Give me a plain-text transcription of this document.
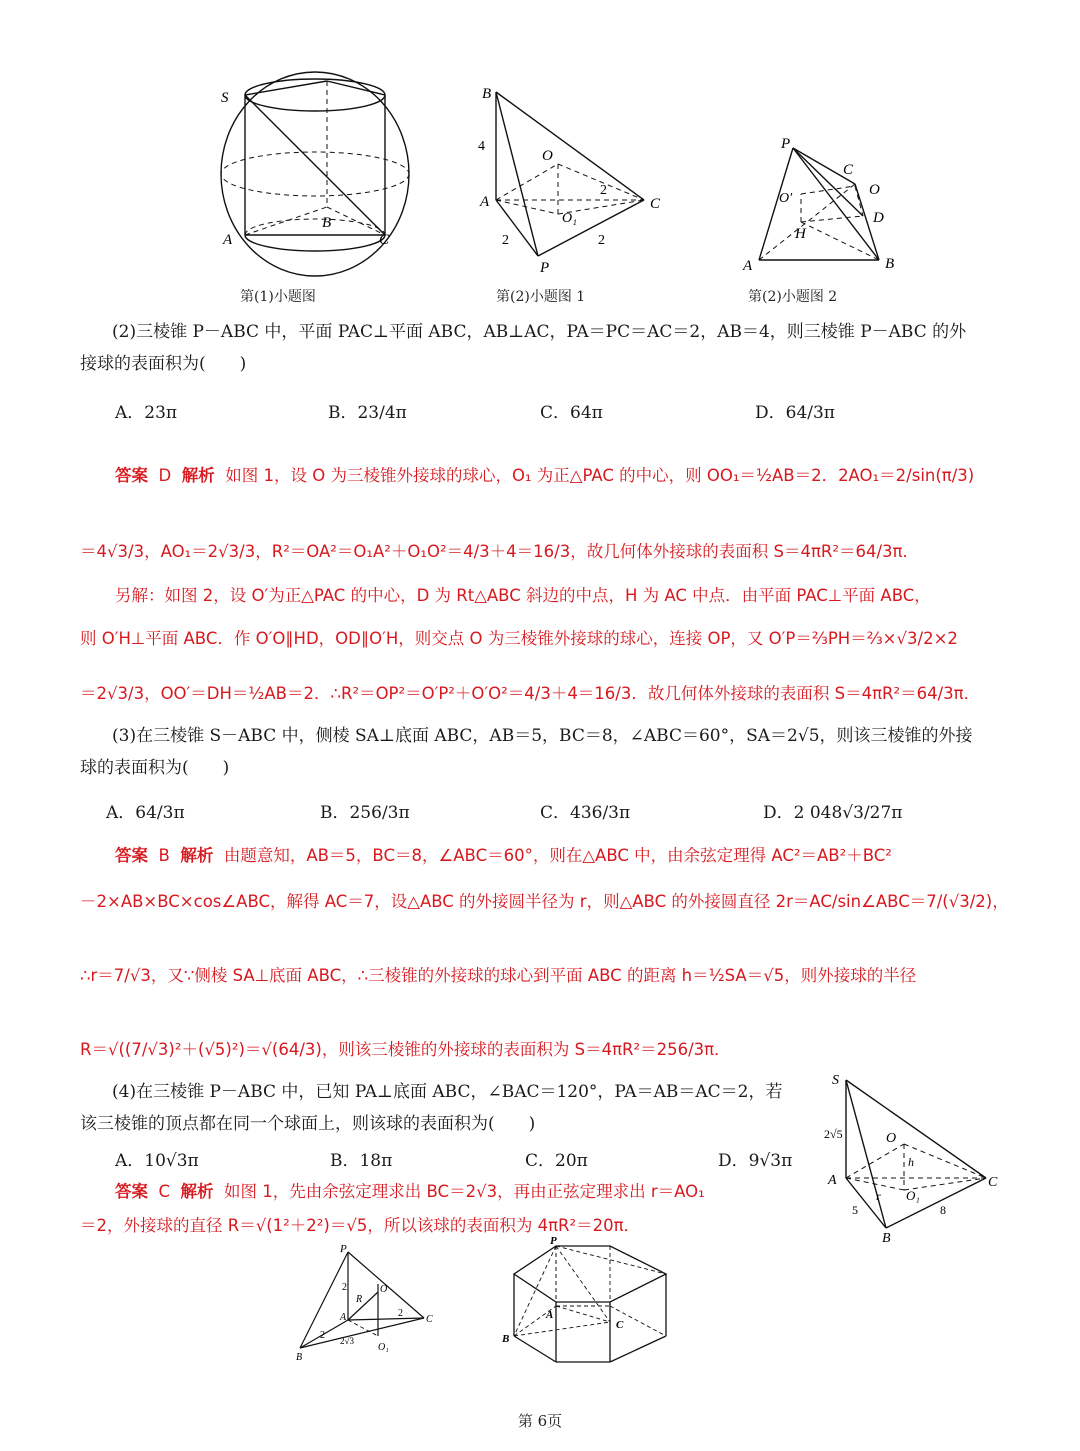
S
A
B
C
第(1)小题图
B
A	C
P
O
O₁
4
2
2	2
第(2)小题图 1
P
C
O
O′
D
H
A	B
第(2)小题图 2
(2)三棱锥 P－ABC 中，平面 PAC⊥平面 ABC，AB⊥AC，PA＝PC＝AC＝2，AB＝4，则三棱锥 P－ABC 的外
接球的表面积为(　　)
A．23π	B．23/4π	C．64π	D．64/3π
答案 D 解析 如图 1，设 O 为三棱锥外接球的球心，O₁ 为正△PAC 的中心，则 OO₁＝½AB＝2．2AO₁＝2/sin(π/3)
＝4√3/3，AO₁＝2√3/3，R²＝OA²＝O₁A²＋O₁O²＝4/3＋4＝16/3，故几何体外接球的表面积 S＝4πR²＝64/3π．
另解：如图 2，设 O′为正△PAC 的中心，D 为 Rt△ABC 斜边的中点，H 为 AC 中点．由平面 PAC⊥平面 ABC，
则 O′H⊥平面 ABC．作 O′O∥HD，OD∥O′H，则交点 O 为三棱锥外接球的球心，连接 OP，又 O′P＝⅔PH＝⅔×√3/2×2
＝2√3/3，OO′＝DH＝½AB＝2．∴R²＝OP²＝O′P²＋O′O²＝4/3＋4＝16/3．故几何体外接球的表面积 S＝4πR²＝64/3π．
(3)在三棱锥 S－ABC 中，侧棱 SA⊥底面 ABC，AB＝5，BC＝8，∠ABC＝60°，SA＝2√5，则该三棱锥的外接
球的表面积为(　　)
A．64/3π	B．256/3π	C．436/3π	D．2 048√3/27π
答案 B 解析 由题意知，AB＝5，BC＝8，∠ABC＝60°，则在△ABC 中，由余弦定理得 AC²＝AB²＋BC²
－2×AB×BC×cos∠ABC，解得 AC＝7，设△ABC 的外接圆半径为 r，则△ABC 的外接圆直径 2r＝AC/sin∠ABC＝7/(√3/2)，
∴r＝7/√3，又∵侧棱 SA⊥底面 ABC，∴三棱锥的外接球的球心到平面 ABC 的距离 h＝½SA＝√5，则外接球的半径
R＝√((7/√3)²＋(√5)²)＝√(64/3)，则该三棱锥的外接球的表面积为 S＝4πR²＝256/3π．
(4)在三棱锥 P－ABC 中，已知 PA⊥底面 ABC，∠BAC＝120°，PA＝AB＝AC＝2，若
该三棱锥的顶点都在同一个球面上，则该球的表面积为(　　)
A．10√3π	B．18π	C．20π	D．9√3π
答案 C 解析 如图 1，先由余弦定理求出 BC＝2√3，再由正弦定理求出 r＝AO₁
＝2，外接球的直径 R＝√(1²＋2²)＝√5，所以该球的表面积为 4πR²＝20π．
S
2√5	O
h
A	C
r O₁
5	8
B
P
2
R
O
A	2
C
2 2√3
O₁
B
P
A
B
C
第 6页
